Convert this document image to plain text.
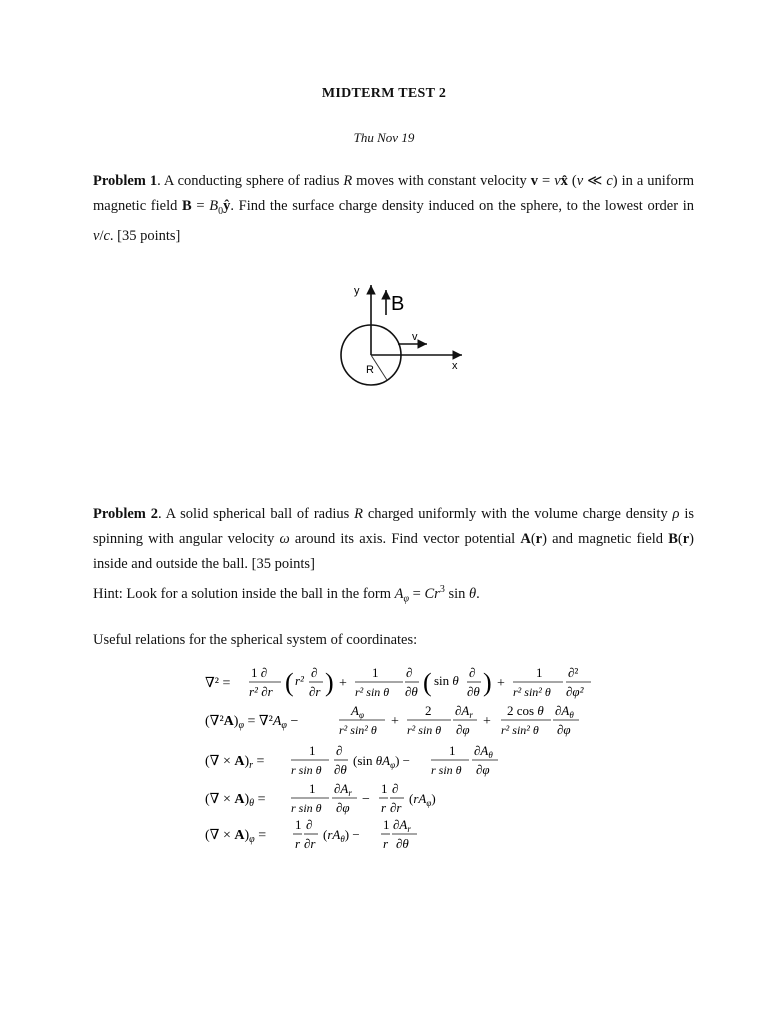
MIDTERM TEST 2
Thu Nov 19

Problem 1. A conducting sphere of radius R moves with constant velocity v = vx̂ (v ≪ c) in a uniform magnetic field $B = B_0ŷ$. Find the surface charge density induced on the sphere, to the lowest order in v/c. [35 points]

y
B
v
x
R

Problem 2. A solid spherical ball of radius R charged uniformly with the volume charge density ρ is spinning with angular velocity ω around its axis. Find vector potential A(r) and magnetic field B(r) inside and outside the ball. [35 points]
Hint: Look for a solution inside the ball in the form $A_\varphi = Cr^3$ sin θ.

Useful relations for the spherical system of coordinates:
∇² =
1 ∂
r² ∂r ( r²
∂
∂r ) +
1
r² sin θ
∂
∂θ ( sin θ
∂
∂θ ) +
1
r² sin² θ
∂²
∂φ²
$(\nabla^2A)_\varphi = \nabla^2A_\varphi$ −
$A_\varphi$
r² sin² θ
+
2
r² sin θ
$\partial A_r$
∂φ
+
2 cos θ
r² sin² θ
$\partial A_\theta$
∂φ
(∇ × $A)_r$ =
1
r sin θ
∂
∂θ
(sin $\theta A_\varphi$) −
1
r sin θ
$\partial A_\theta$
∂φ
(∇ × $A)_\theta$ =
1
r sin θ
$\partial A_r$
∂φ
−
1
r
∂
∂r
$(rA_\varphi)$
(∇ × $A)_\varphi$ =
1
r
∂
∂r
$(rA_\theta)$ −
1
r
$\partial A_r$
∂θ
